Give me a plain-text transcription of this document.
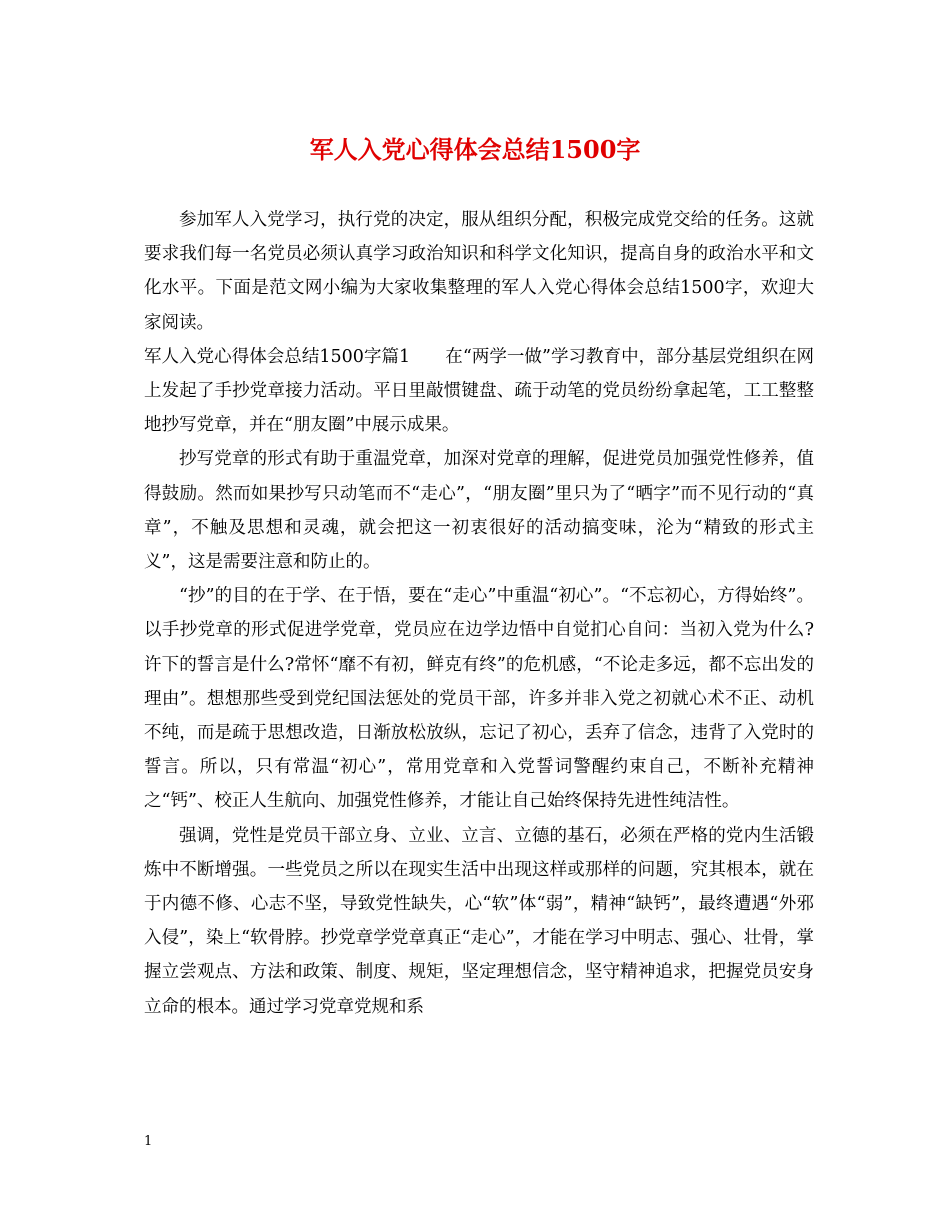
军人入党心得体会总结1500字

参加军人入党学习，执行党的决定，服从组织分配，积极完成党交给的任务。这就要求我们每一名党员必须认真学习政治知识和科学文化知识，提高自身的政治水平和文化水平。下面是范文网小编为大家收集整理的军人入党心得体会总结1500字，欢迎大家阅读。

军人入党心得体会总结1500字篇1　　在“两学一做”学习教育中，部分基层党组织在网上发起了手抄党章接力活动。平日里敲惯键盘、疏于动笔的党员纷纷拿起笔，工工整整地抄写党章，并在“朋友圈”中展示成果。

抄写党章的形式有助于重温党章，加深对党章的理解，促进党员加强党性修养，值得鼓励。然而如果抄写只动笔而不“走心”，“朋友圈”里只为了“晒字”而不见行动的“真章”，不触及思想和灵魂，就会把这一初衷很好的活动搞变味，沦为“精致的形式主义”，这是需要注意和防止的。

“抄”的目的在于学、在于悟，要在“走心”中重温“初心”。“不忘初心，方得始终”。以手抄党章的形式促进学党章，党员应在边学边悟中自觉扪心自问：当初入党为什么?许下的誓言是什么?常怀“靡不有初，鲜克有终”的危机感，“不论走多远，都不忘出发的理由”。想想那些受到党纪国法惩处的党员干部，许多并非入党之初就心术不正、动机不纯，而是疏于思想改造，日渐放松放纵，忘记了初心，丢弃了信念，违背了入党时的誓言。所以，只有常温“初心”，常用党章和入党誓词警醒约束自己，不断补充精神之“钙”、校正人生航向、加强党性修养，才能让自己始终保持先进性纯洁性。

强调，党性是党员干部立身、立业、立言、立德的基石，必须在严格的党内生活锻炼中不断增强。一些党员之所以在现实生活中出现这样或那样的问题，究其根本，就在于内德不修、心志不坚，导致党性缺失，心“软”体“弱”，精神“缺钙”，最终遭遇“外邪入侵”，染上“软骨脖。抄党章学党章真正“走心”，才能在学习中明志、强心、壮骨，掌握立尝观点、方法和政策、制度、规矩，坚定理想信念，坚守精神追求，把握党员安身立命的根本。通过学习党章党规和系

1
